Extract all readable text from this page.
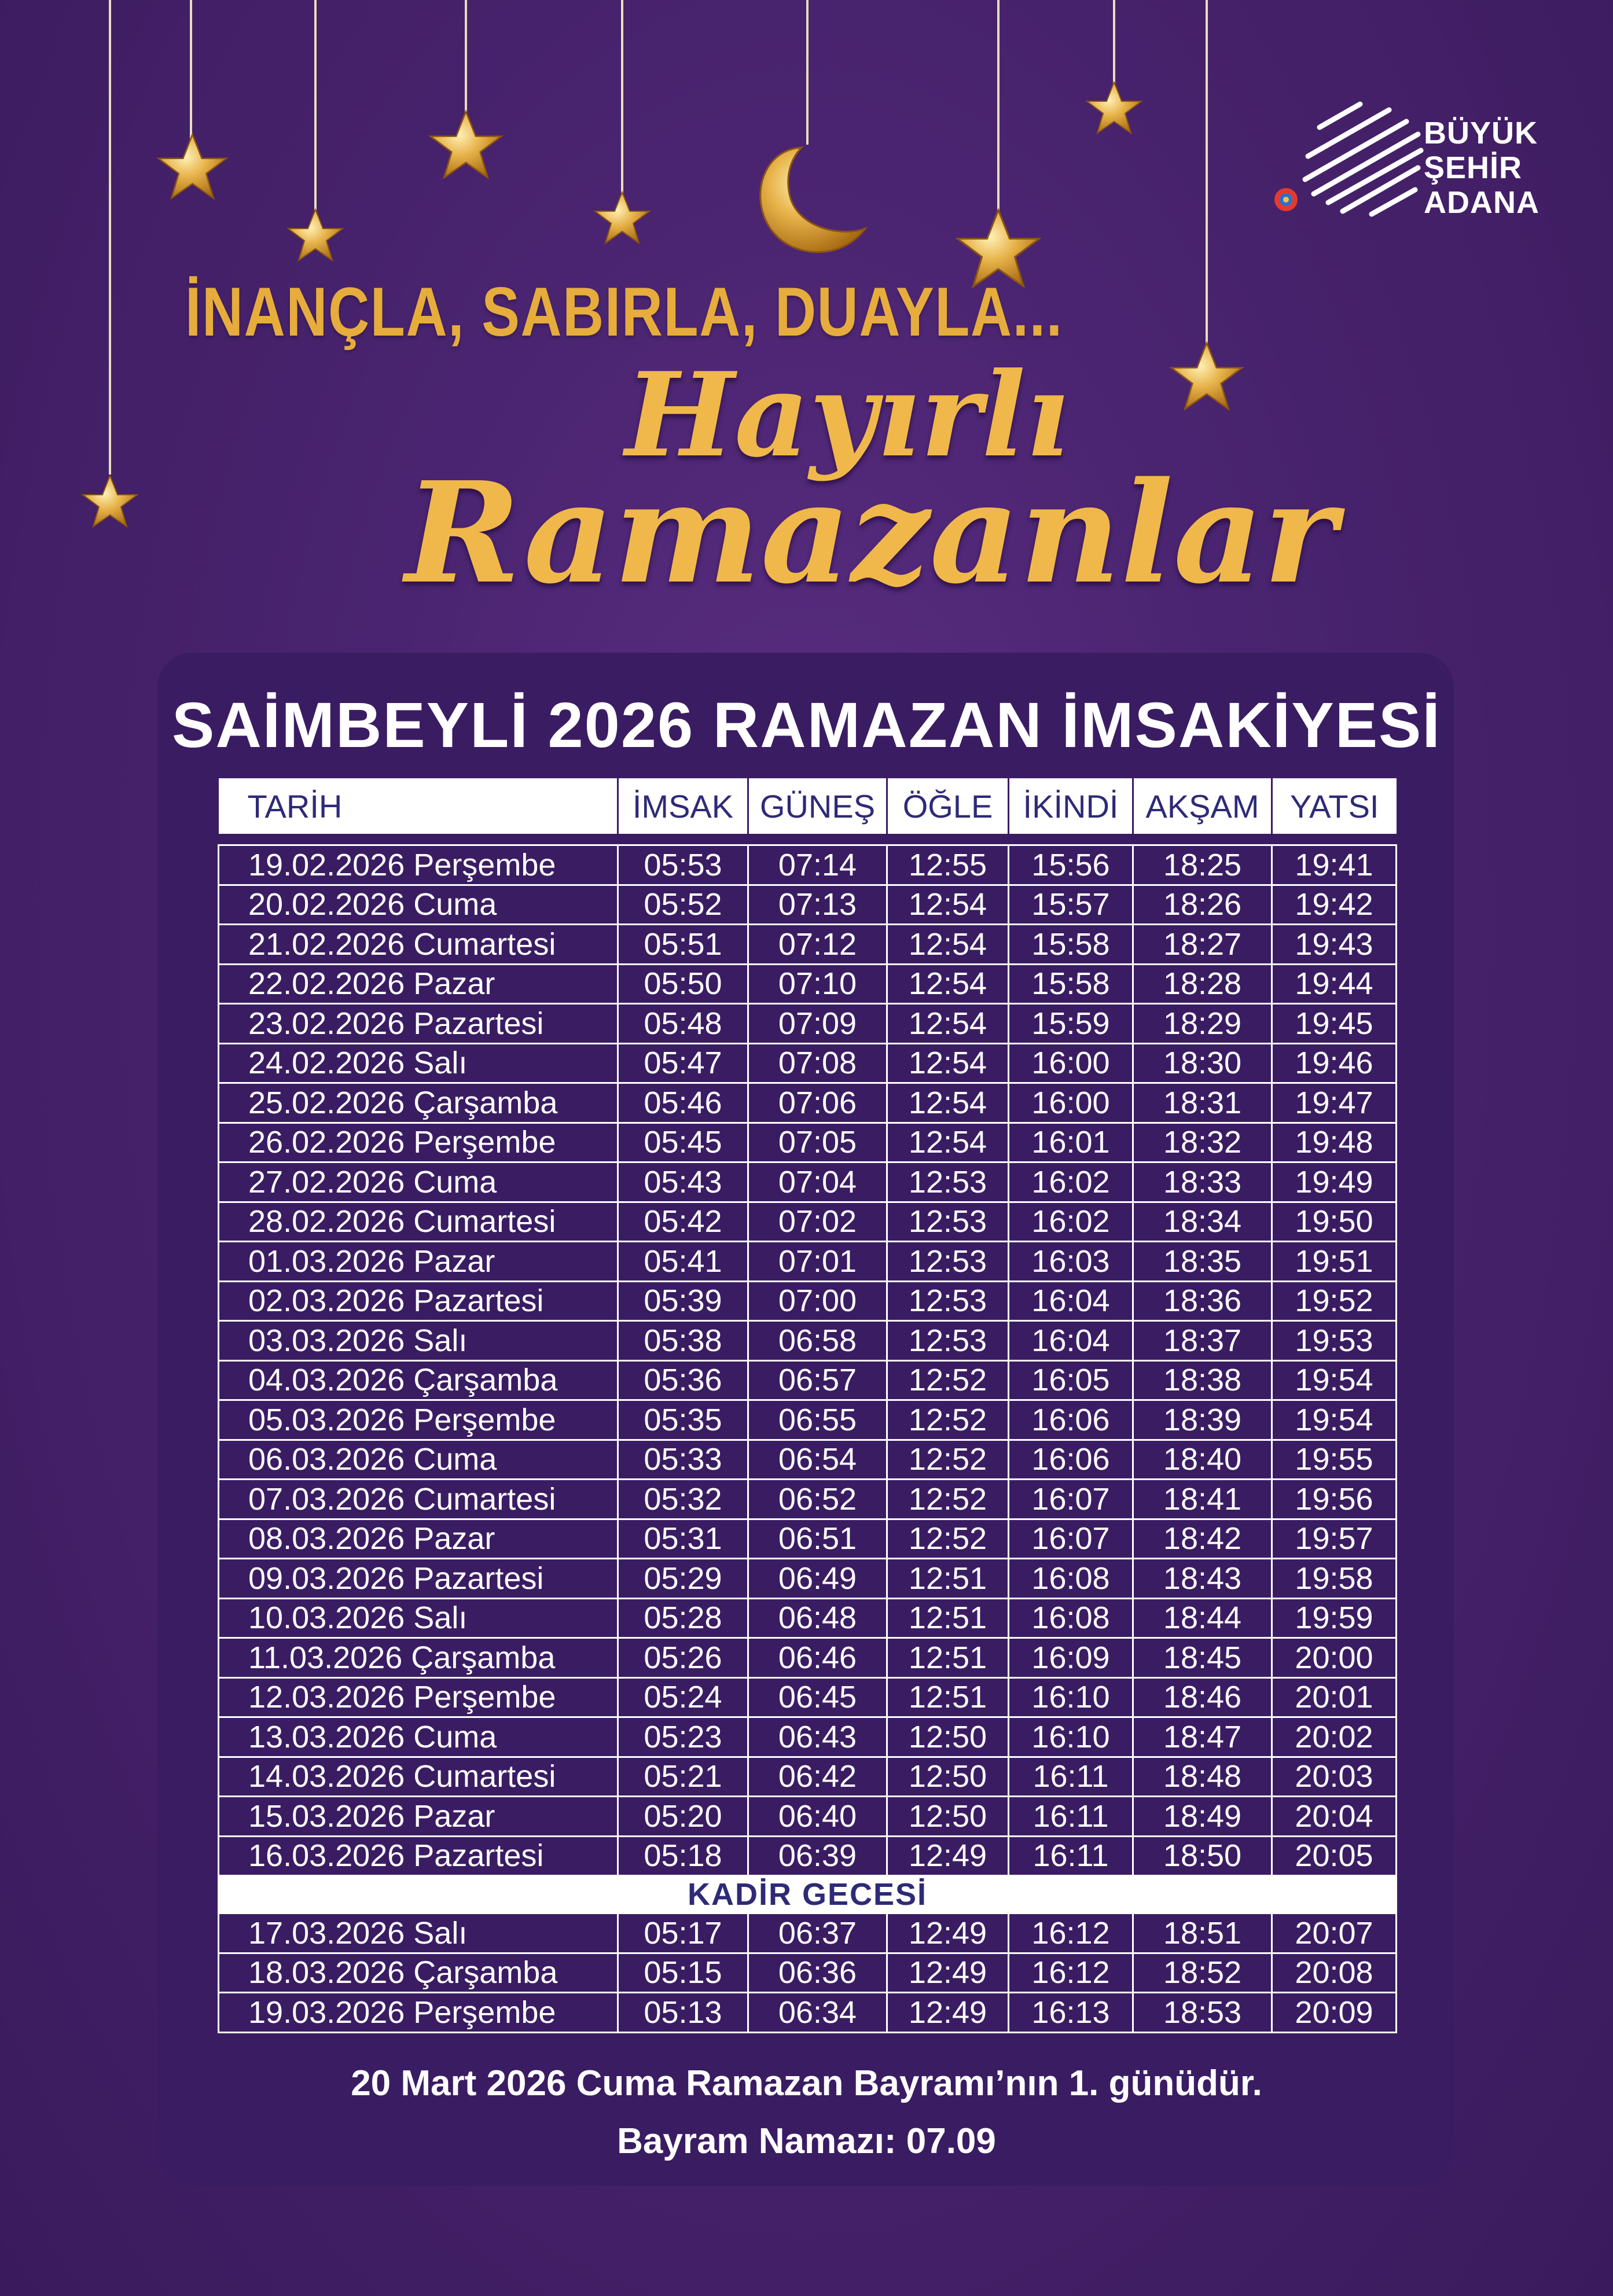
BÜYÜK
ŞEHİR
ADANA
İNANÇLA, SABIRLA, DUAYLA...
Hayırlı
Ramazanlar
SAİMBEYLİ 2026 RAMAZAN İMSAKİYESİ
TARİH	İMSAK	GÜNEŞ	ÖĞLE	İKİNDİ	AKŞAM	YATSI

19.02.2026 Perşembe	05:53	07:14	12:55	15:56	18:25	19:41
20.02.2026 Cuma	05:52	07:13	12:54	15:57	18:26	19:42
21.02.2026 Cumartesi	05:51	07:12	12:54	15:58	18:27	19:43
22.02.2026 Pazar	05:50	07:10	12:54	15:58	18:28	19:44
23.02.2026 Pazartesi	05:48	07:09	12:54	15:59	18:29	19:45
24.02.2026 Salı	05:47	07:08	12:54	16:00	18:30	19:46
25.02.2026 Çarşamba	05:46	07:06	12:54	16:00	18:31	19:47
26.02.2026 Perşembe	05:45	07:05	12:54	16:01	18:32	19:48
27.02.2026 Cuma	05:43	07:04	12:53	16:02	18:33	19:49
28.02.2026 Cumartesi	05:42	07:02	12:53	16:02	18:34	19:50
01.03.2026 Pazar	05:41	07:01	12:53	16:03	18:35	19:51
02.03.2026 Pazartesi	05:39	07:00	12:53	16:04	18:36	19:52
03.03.2026 Salı	05:38	06:58	12:53	16:04	18:37	19:53
04.03.2026 Çarşamba	05:36	06:57	12:52	16:05	18:38	19:54
05.03.2026 Perşembe	05:35	06:55	12:52	16:06	18:39	19:54
06.03.2026 Cuma	05:33	06:54	12:52	16:06	18:40	19:55
07.03.2026 Cumartesi	05:32	06:52	12:52	16:07	18:41	19:56
08.03.2026 Pazar	05:31	06:51	12:52	16:07	18:42	19:57
09.03.2026 Pazartesi	05:29	06:49	12:51	16:08	18:43	19:58
10.03.2026 Salı	05:28	06:48	12:51	16:08	18:44	19:59
11.03.2026 Çarşamba	05:26	06:46	12:51	16:09	18:45	20:00
12.03.2026 Perşembe	05:24	06:45	12:51	16:10	18:46	20:01
13.03.2026 Cuma	05:23	06:43	12:50	16:10	18:47	20:02
14.03.2026 Cumartesi	05:21	06:42	12:50	16:11	18:48	20:03
15.03.2026 Pazar	05:20	06:40	12:50	16:11	18:49	20:04
16.03.2026 Pazartesi	05:18	06:39	12:49	16:11	18:50	20:05
KADİR GECESİ						
17.03.2026 Salı	05:17	06:37	12:49	16:12	18:51	20:07
18.03.2026 Çarşamba	05:15	06:36	12:49	16:12	18:52	20:08
19.03.2026 Perşembe	05:13	06:34	12:49	16:13	18:53	20:09
20 Mart 2026 Cuma Ramazan Bayramı’nın 1. günüdür.
Bayram Namazı: 07.09
